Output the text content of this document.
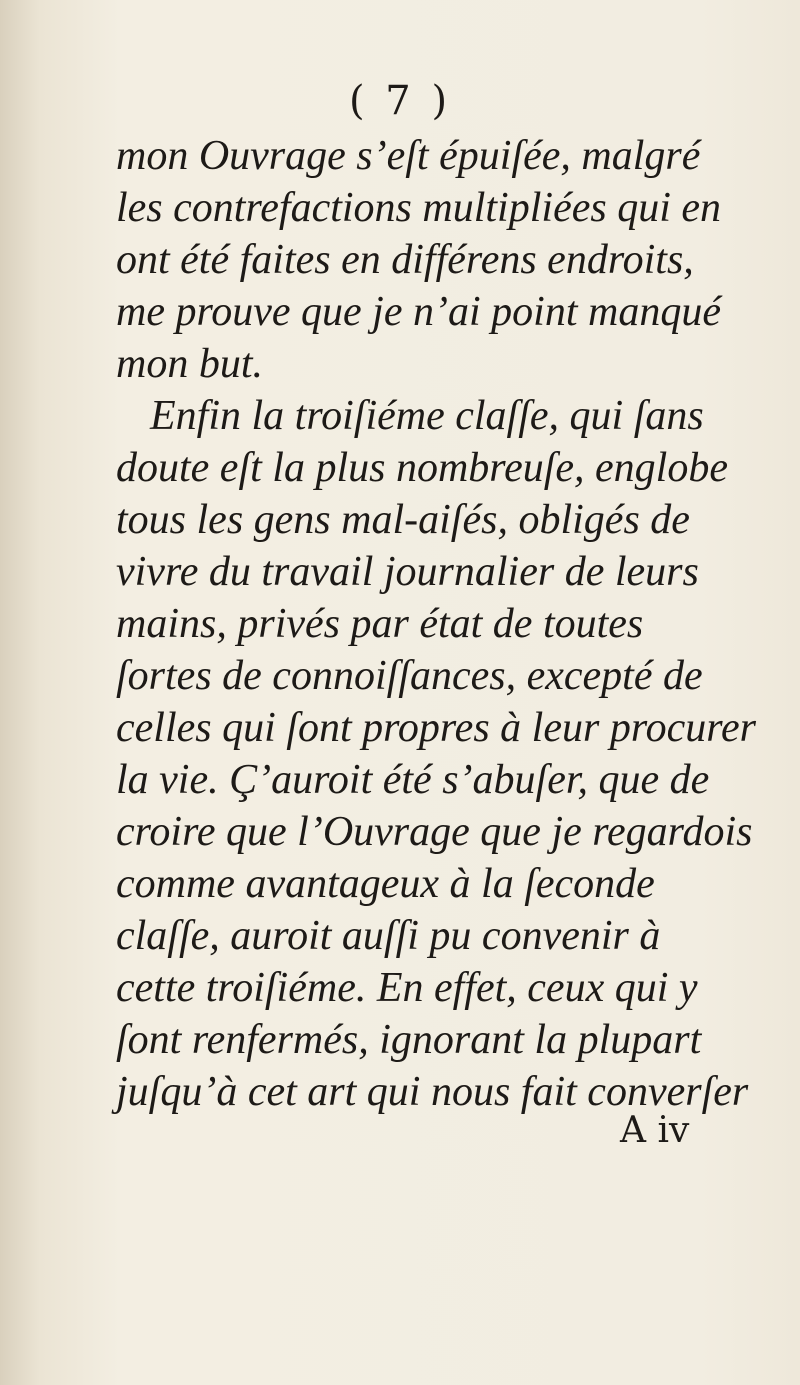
( 7 )
mon Ouvrage s’eſt épuiſée, malgré
les contrefactions multipliées qui en
ont été faites en différens endroits,
me prouve que je n’ai point manqué
mon but.
Enfin la troiſiéme claſſe, qui ſans
doute eſt la plus nombreuſe, englobe
tous les gens mal-aiſés, obligés de
vivre du travail journalier de leurs
mains, privés par état de toutes
ſortes de connoiſſances, excepté de
celles qui ſont propres à leur procurer
la vie. Ç’auroit été s’abuſer, que de
croire que l’Ouvrage que je regardois
comme avantageux à la ſeconde
claſſe, auroit auſſi pu convenir à
cette troiſiéme. En effet, ceux qui y
ſont renfermés, ignorant la plupart
juſqu’à cet art qui nous fait converſer
A iv
